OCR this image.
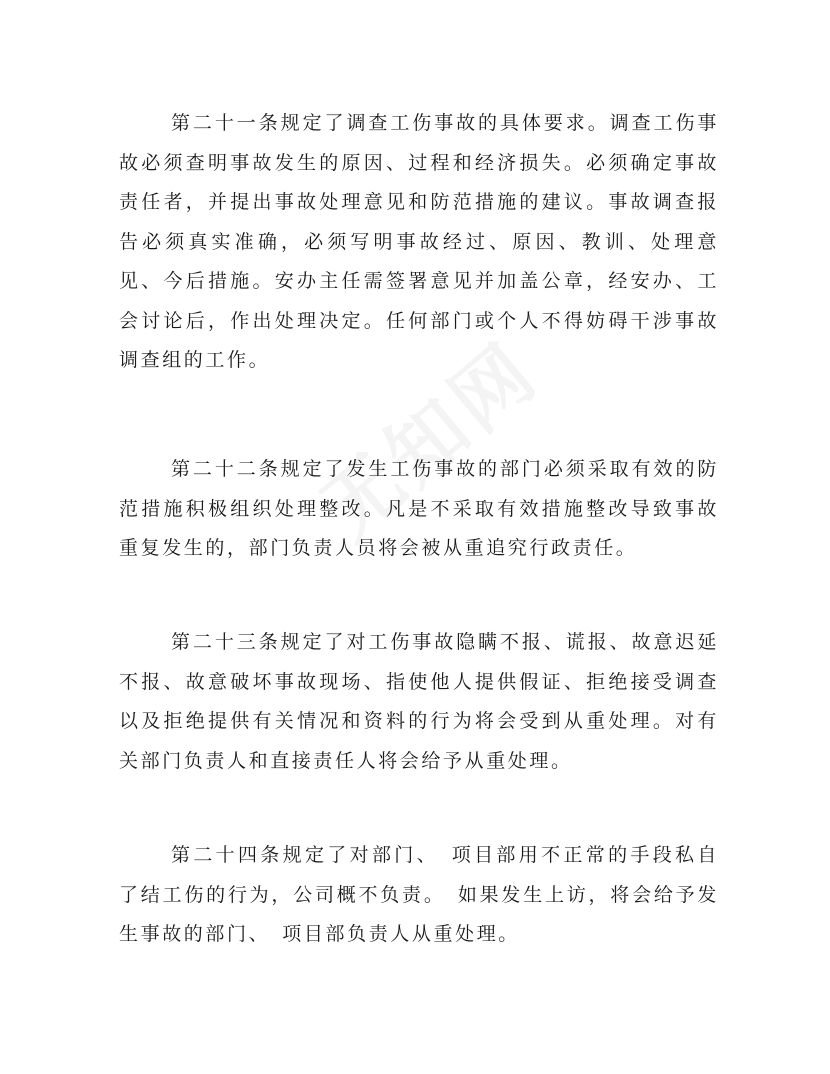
第二十一条规定了调查工伤事故的具体要求。调查工伤事故必须查明事故发生的原因、过程和经济损失。必须确定事故责任者，并提出事故处理意见和防范措施的建议。事故调查报告必须真实准确，必须写明事故经过、原因、教训、处理意见、今后措施。安办主任需签署意见并加盖公章，经安办、工会讨论后，作出处理决定。任何部门或个人不得妨碍干涉事故调查组的工作。

第二十二条规定了发生工伤事故的部门必须采取有效的防范措施积极组织处理整改。凡是不采取有效措施整改导致事故重复发生的，部门负责人员将会被从重追究行政责任。

第二十三条规定了对工伤事故隐瞒不报、谎报、故意迟延不报、故意破坏事故现场、指使他人提供假证、拒绝接受调查以及拒绝提供有关情况和资料的行为将会受到从重处理。对有关部门负责人和直接责任人将会给予从重处理。

第二十四条规定了对部门、　项目部用不正常的手段私自了结工伤的行为，公司概不负责。　如果发生上访，将会给予发生事故的部门、　项目部负责人从重处理。
